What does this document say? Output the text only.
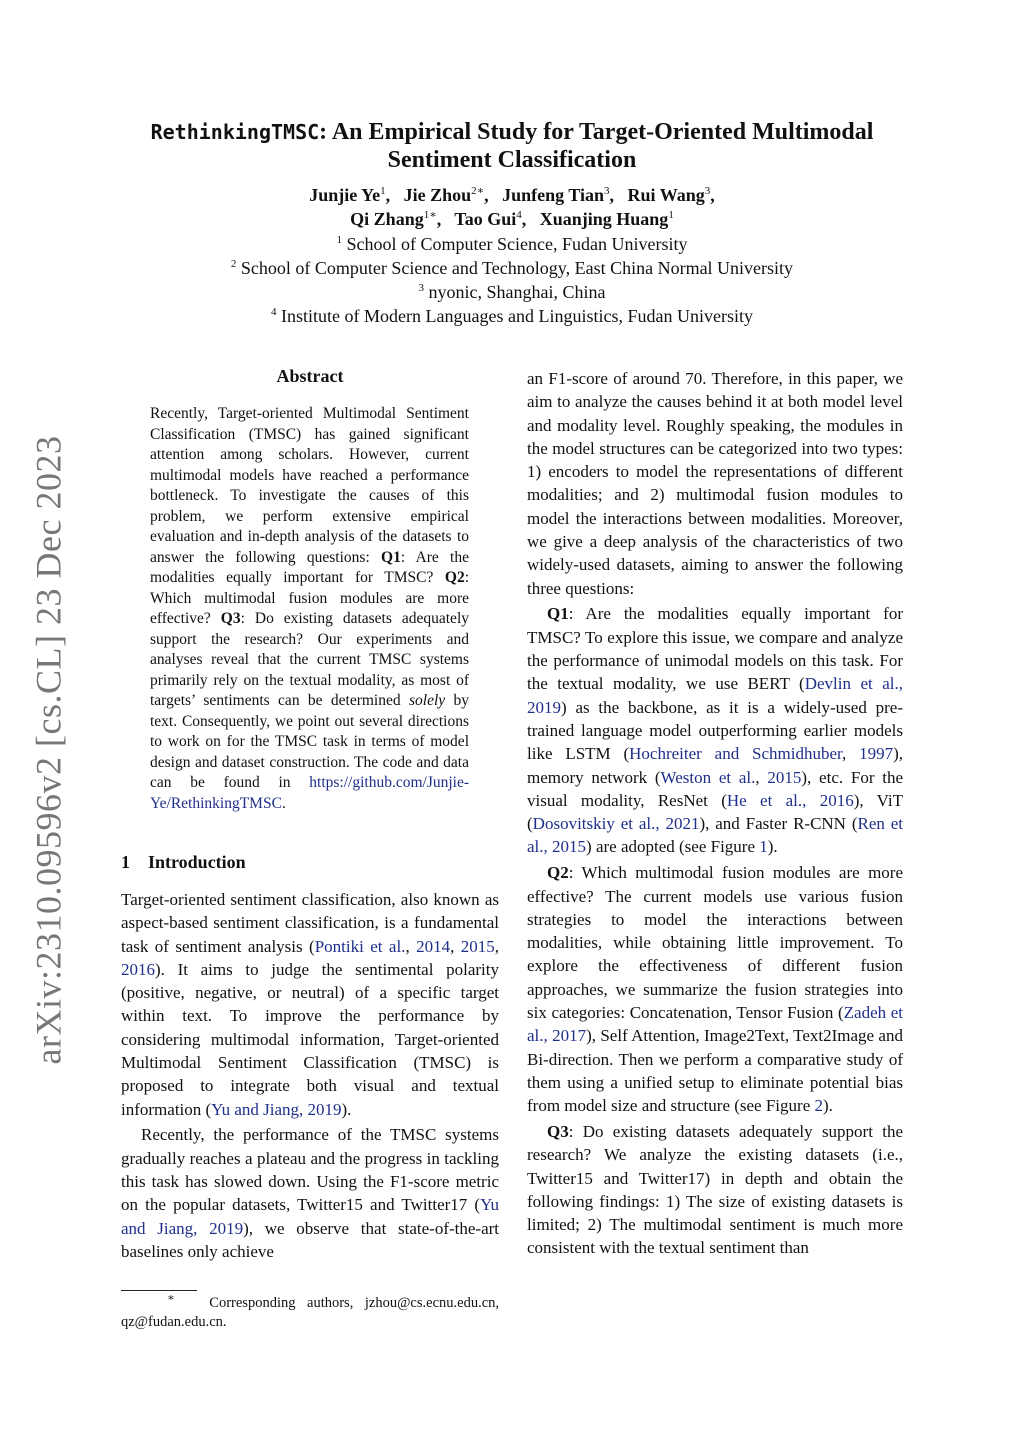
arXiv:2310.09596v2 [cs.CL] 23 Dec 2023
RethinkingTMSC: An Empirical Study for Target-Oriented Multimodal
Sentiment Classification
Junjie Ye$^1$,   Jie Zhou$^{2∗}$,   Junfeng Tian$^3$,   Rui Wang$^3$,
Qi Zhang$^{1∗}$,   Tao Gui$^4$,   Xuanjing Huang$^1$
$^1$ School of Computer Science, Fudan University
$^2$ School of Computer Science and Technology, East China Normal University
$^3$ nyonic, Shanghai, China
$^4$ Institute of Modern Languages and Linguistics, Fudan University
Abstract
Recently, Target-oriented Multimodal Sentiment Classification (TMSC) has gained significant attention among scholars. However, current multimodal models have reached a performance bottleneck. To investigate the causes of this problem, we perform extensive empirical evaluation and in-depth analysis of the datasets to answer the following questions: Q1: Are the modalities equally important for TMSC? Q2: Which multimodal fusion modules are more effective? Q3: Do existing datasets adequately support the research? Our experiments and analyses reveal that the current TMSC systems primarily rely on the textual modality, as most of targets’ sentiments can be determined solely by text. Consequently, we point out several directions to work on for the TMSC task in terms of model design and dataset construction. The code and data can be found in https://github.com/Junjie-Ye/RethinkingTMSC.
1 Introduction

Target-oriented sentiment classification, also known as aspect-based sentiment classification, is a fundamental task of sentiment analysis (Pontiki et al., 2014, 2015, 2016). It aims to judge the sentimental polarity (positive, negative, or neutral) of a specific target within text. To improve the performance by considering multimodal information, Target-oriented Multimodal Sentiment Classification (TMSC) is proposed to integrate both visual and textual information (Yu and Jiang, 2019).

Recently, the performance of the TMSC systems gradually reaches a plateau and the progress in tackling this task has slowed down. Using the F1-score metric on the popular datasets, Twitter15 and Twitter17 (Yu and Jiang, 2019), we observe that state-of-the-art baselines only achieve

∗ Corresponding authors, jzhou@cs.ecnu.edu.cn, qz@fudan.edu.cn.

an F1-score of around 70. Therefore, in this paper, we aim to analyze the causes behind it at both model level and modality level. Roughly speaking, the modules in the model structures can be categorized into two types: 1) encoders to model the representations of different modalities; and 2) multimodal fusion modules to model the interactions between modalities. Moreover, we give a deep analysis of the characteristics of two widely-used datasets, aiming to answer the following three questions:

Q1: Are the modalities equally important for TMSC? To explore this issue, we compare and analyze the performance of unimodal models on this task. For the textual modality, we use BERT (Devlin et al., 2019) as the backbone, as it is a widely-used pre-trained language model outperforming earlier models like LSTM (Hochreiter and Schmidhuber, 1997), memory network (Weston et al., 2015), etc. For the visual modality, ResNet (He et al., 2016), ViT (Dosovitskiy et al., 2021), and Faster R-CNN (Ren et al., 2015) are adopted (see Figure 1).

Q2: Which multimodal fusion modules are more effective? The current models use various fusion strategies to model the interactions between modalities, while obtaining little improvement. To explore the effectiveness of different fusion approaches, we summarize the fusion strategies into six categories: Concatenation, Tensor Fusion (Zadeh et al., 2017), Self Attention, Image2Text, Text2Image and Bi-direction. Then we perform a comparative study of them using a unified setup to eliminate potential bias from model size and structure (see Figure 2).

Q3: Do existing datasets adequately support the research? We analyze the existing datasets (i.e., Twitter15 and Twitter17) in depth and obtain the following findings: 1) The size of existing datasets is limited; 2) The multimodal sentiment is much more consistent with the textual sentiment than
